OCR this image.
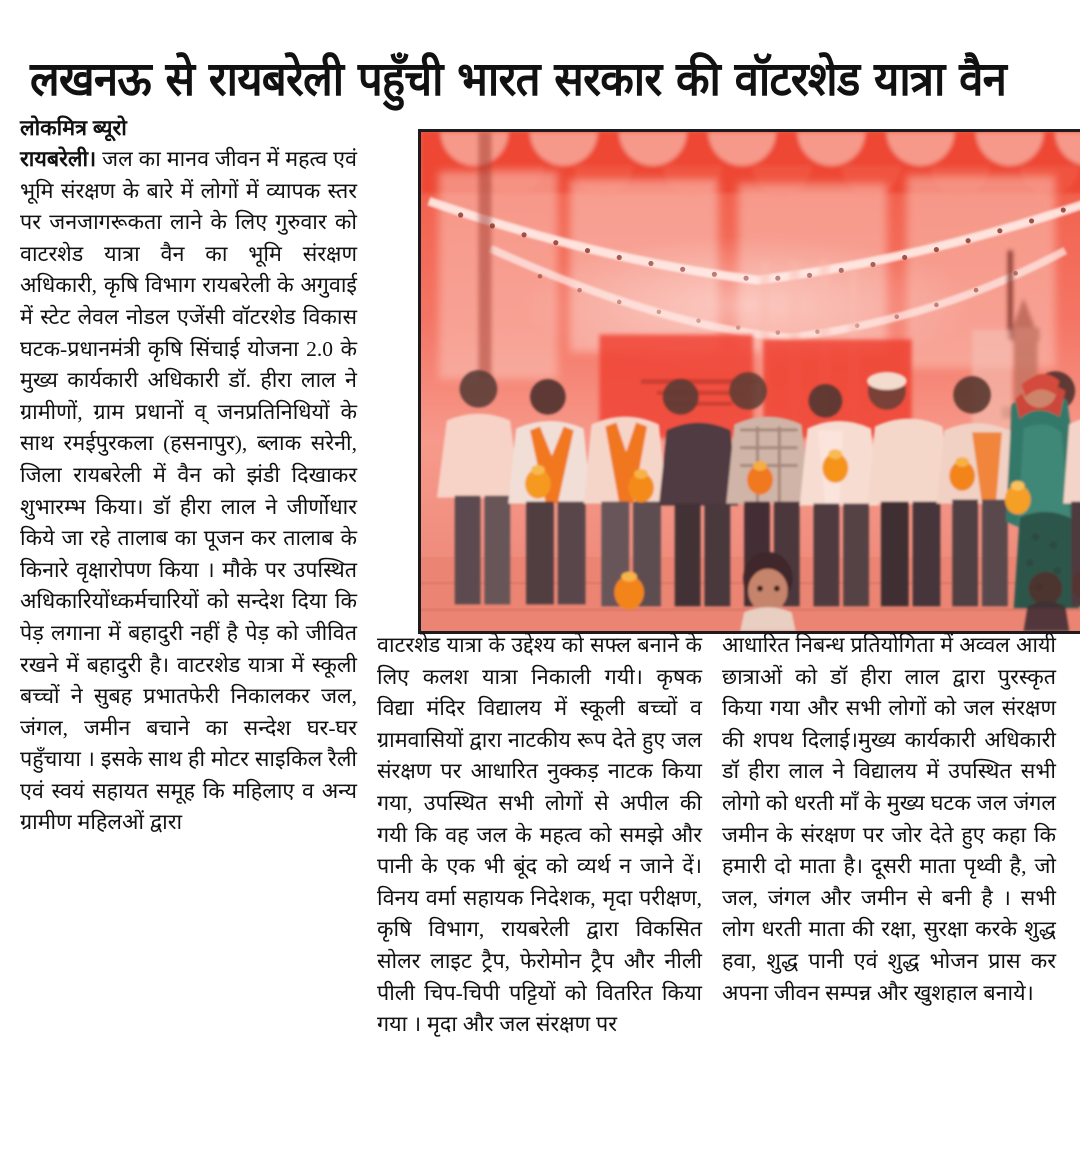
लखनऊ से रायबरेली पहुँची भारत सरकार की वॉटरशेड यात्रा वैन
लोकमित्र ब्यूरो
रायबरेली। जल का मानव जीवन में महत्व एवं भूमि संरक्षण के बारे में लोगों में व्यापक स्तर पर जनजागरूकता लाने के लिए गुरुवार को वाटरशेड यात्रा वैन का भूमि संरक्षण अधिकारी, कृषि विभाग रायबरेली के अगुवाई में स्टेट लेवल नोडल एजेंसी वॉटरशेड विकास घटक-प्रधानमंत्री कृषि सिंचाई योजना 2.0 के मुख्य कार्यकारी अधिकारी डॉ. हीरा लाल ने ग्रामीणों, ग्राम प्रधानों व् जनप्रतिनिधियों के साथ रमईपुरकला (हसनापुर), ब्लाक सरेनी, जिला रायबरेली में वैन को झंडी दिखाकर शुभारम्भ किया। डॉ हीरा लाल ने जीर्णोधार किये जा रहे तालाब का पूजन कर तालाब के किनारे वृक्षारोपण किया । मौके पर उपस्थित अधिकारियोंध्कर्मचारियों को सन्देश दिया कि पेड़ लगाना में बहादुरी नहीं है पेड़ को जीवित रखने में बहादुरी है। वाटरशेड यात्रा में स्कूली बच्चों ने सुबह प्रभातफेरी निकालकर जल, जंगल, जमीन बचाने का सन्देश घर-घर पहुँचाया । इसके साथ ही मोटर साइकिल रैली एवं स्वयं सहायत समूह कि महिलाए व अन्य ग्रामीण महिलओं द्वारा
वाटरशेड यात्रा के उद्देश्य को सफ्ल बनाने के लिए कलश यात्रा निकाली गयी। कृषक विद्या मंदिर विद्यालय में स्कूली बच्चों व ग्रामवासियों द्वारा नाटकीय रूप देते हुए जल संरक्षण पर आधारित नुक्कड़ नाटक किया गया, उपस्थित सभी लोगों से अपील की गयी कि वह जल के महत्व को समझे और पानी के एक भी बूंद को व्यर्थ न जाने दें। विनय वर्मा सहायक निदेशक, मृदा परीक्षण, कृषि विभाग, रायबरेली द्वारा विकसित सोलर लाइट ट्रैप, फेरोमोन ट्रैप और नीली पीली चिप-चिपी पट्टियों को वितरित किया गया । मृदा और जल संरक्षण पर
आधारित निबन्ध प्रतियोगिता में अव्वल आयी छात्राओं को डॉ हीरा लाल द्वारा पुरस्कृत किया गया और सभी लोगों को जल संरक्षण की शपथ दिलाई।मुख्य कार्यकारी अधिकारी डॉ हीरा लाल ने विद्यालय में उपस्थित सभी लोगो को धरती माँ के मुख्य घटक जल जंगल जमीन के संरक्षण पर जोर देते हुए कहा कि हमारी दो माता है। दूसरी माता पृथ्वी है, जो जल, जंगल और जमीन से बनी है । सभी लोग धरती माता की रक्षा, सुरक्षा करके शुद्ध हवा, शुद्ध पानी एवं शुद्ध भोजन प्रास कर अपना जीवन सम्पन्न और खुशहाल बनाये।
